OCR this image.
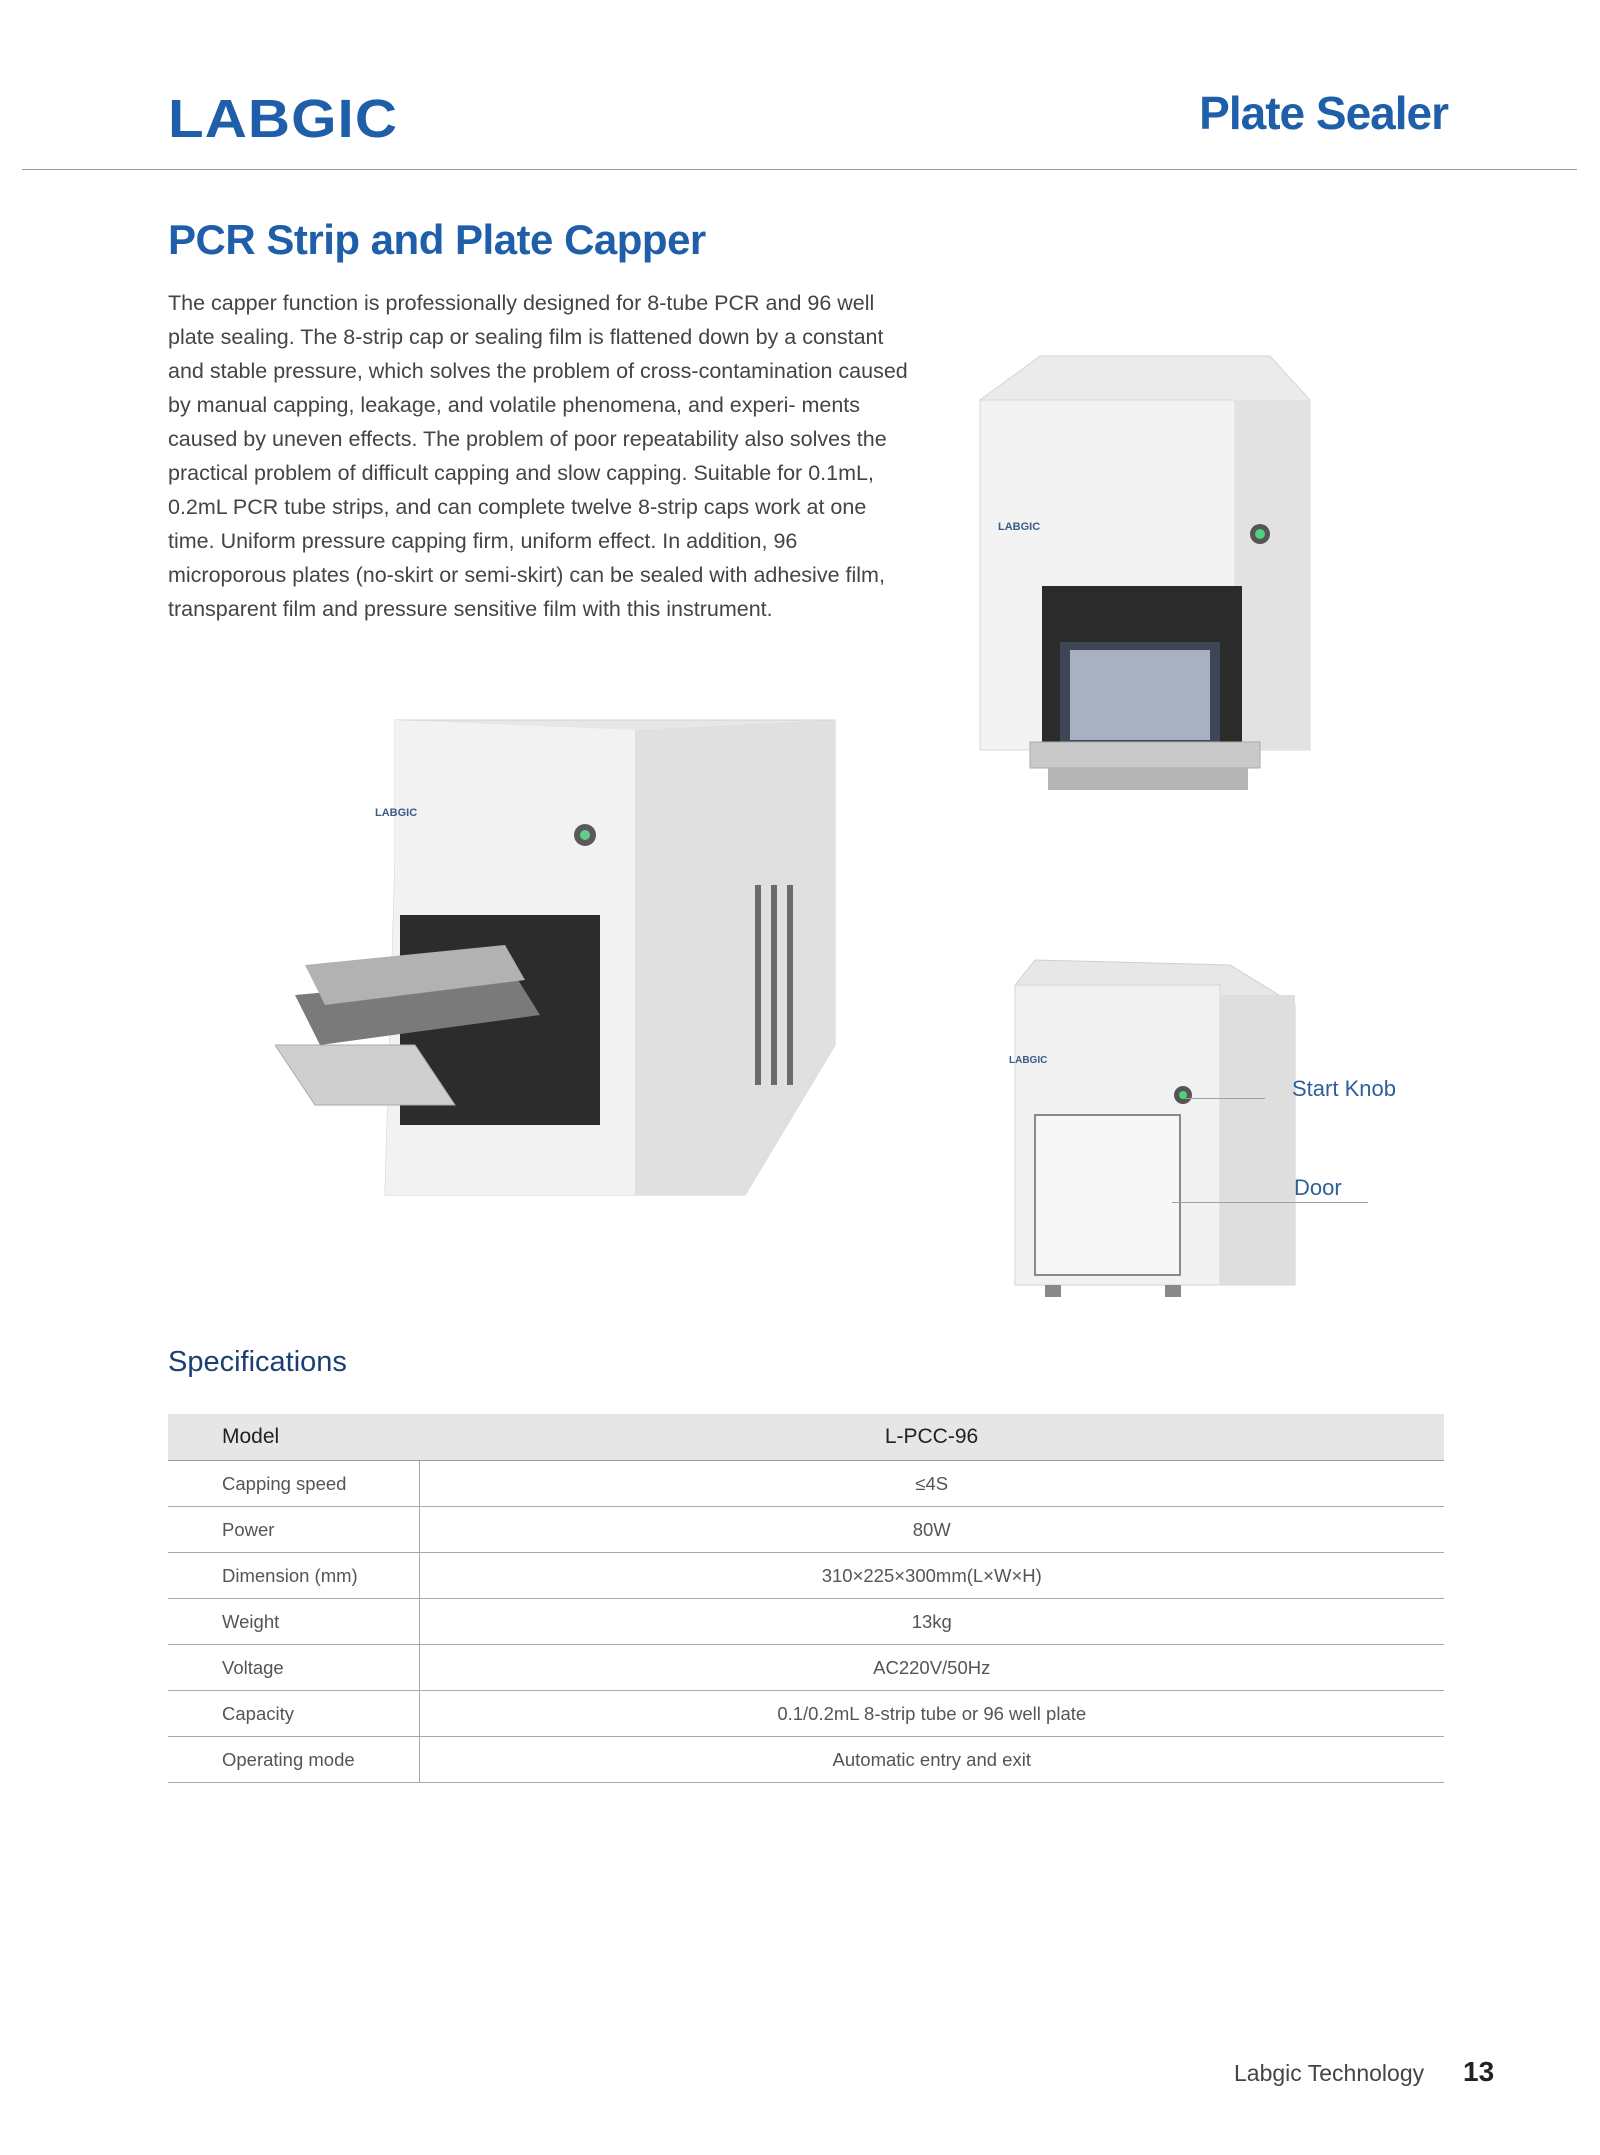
LABGIC	Plate Sealer
PCR Strip and Plate Capper
The capper function is professionally designed for 8-tube PCR and 96 well plate sealing. The 8-strip cap or sealing film is flattened down by a constant and stable pressure, which solves the problem of cross-contamination caused by manual capping, leakage, and volatile phenomena, and experi- ments caused by uneven effects. The problem of poor repeatability also solves the practical problem of difficult capping and slow capping. Suitable for 0.1mL, 0.2mL PCR tube strips, and can complete twelve 8-strip caps work at one time. Uniform pressure capping firm, uniform effect. In addition, 96 microporous plates (no-skirt or semi-skirt) can be sealed with adhesive film, transparent film and pressure sensitive film with this instrument.
LABGIC
LABGIC
LABGIC
Start Knob
Door
Specifications
Model	L-PCC-96
Capping speed	≤4S
Power	80W
Dimension (mm)	310×225×300mm(L×W×H)
Weight	13kg
Voltage	AC220V/50Hz
Capacity	0.1/0.2mL 8-strip tube or 96 well plate
Operating mode	Automatic entry and exit
Labgic Technology 13
